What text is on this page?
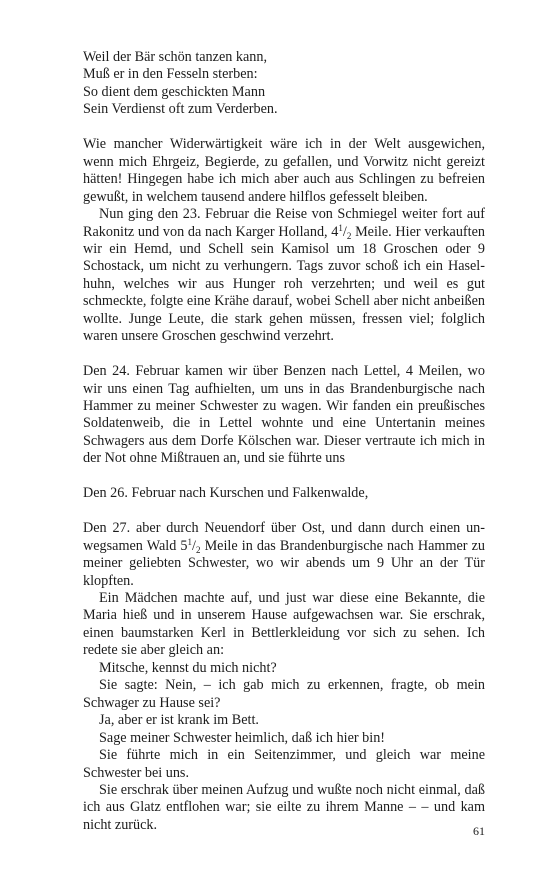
Weil der Bär schön tanzen kann,

Muß er in den Fesseln sterben:

So dient dem geschickten Mann

Sein Verdienst oft zum Verderben.

Wie mancher Widerwärtigkeit wäre ich in der Welt ausgewichen, wenn mich Ehrgeiz, Begierde, zu gefallen, und Vorwitz nicht gereizt hätten! Hingegen habe ich mich aber auch aus Schlingen zu befreien gewußt, in welchem tausend andere hilflos gefesselt bleiben.

Nun ging den 23. Februar die Reise von Schmiegel weiter fort auf Rakonitz und von da nach Karger Holland, $4^1/_2$ Meile. Hier verkauften wir ein Hemd, und Schell sein Kamisol um 18 Groschen oder 9 Schostack, um nicht zu verhungern. Tags zuvor schoß ich ein Haselhuhn, welches wir aus Hunger roh verzehrten; und weil es gut schmeckte, folgte eine Krähe darauf, wobei Schell aber nicht anbeißen wollte. Junge Leute, die stark gehen müssen, fressen viel; folglich waren unsere Groschen geschwind verzehrt.

Den 24. Februar kamen wir über Benzen nach Lettel, 4 Meilen, wo wir uns einen Tag aufhielten, um uns in das Brandenburgische nach Hammer zu meiner Schwester zu wagen. Wir fanden ein preußisches Soldatenweib, die in Lettel wohnte und eine Untertanin meines Schwagers aus dem Dorfe Kölschen war. Dieser vertraute ich mich in der Not ohne Mißtrauen an, und sie führte uns

Den 26. Februar nach Kurschen und Falkenwalde,

Den 27. aber durch Neuendorf über Ost, und dann durch einen unwegsamen Wald $5^1/_2$ Meile in das Brandenburgische nach Hammer zu meiner geliebten Schwester, wo wir abends um 9 Uhr an der Tür klopften.

Ein Mädchen machte auf, und just war diese eine Bekannte, die Maria hieß und in unserem Hause aufgewachsen war. Sie erschrak, einen baumstarken Kerl in Bettlerkleidung vor sich zu sehen. Ich redete sie aber gleich an:

Mitsche, kennst du mich nicht?

Sie sagte: Nein, – ich gab mich zu erkennen, fragte, ob mein Schwager zu Hause sei?

Ja, aber er ist krank im Bett.

Sage meiner Schwester heimlich, daß ich hier bin!

Sie führte mich in ein Seitenzimmer, und gleich war meine Schwester bei uns.

Sie erschrak über meinen Aufzug und wußte noch nicht einmal, daß ich aus Glatz entflohen war; sie eilte zu ihrem Manne – – und kam nicht zurück.	61
